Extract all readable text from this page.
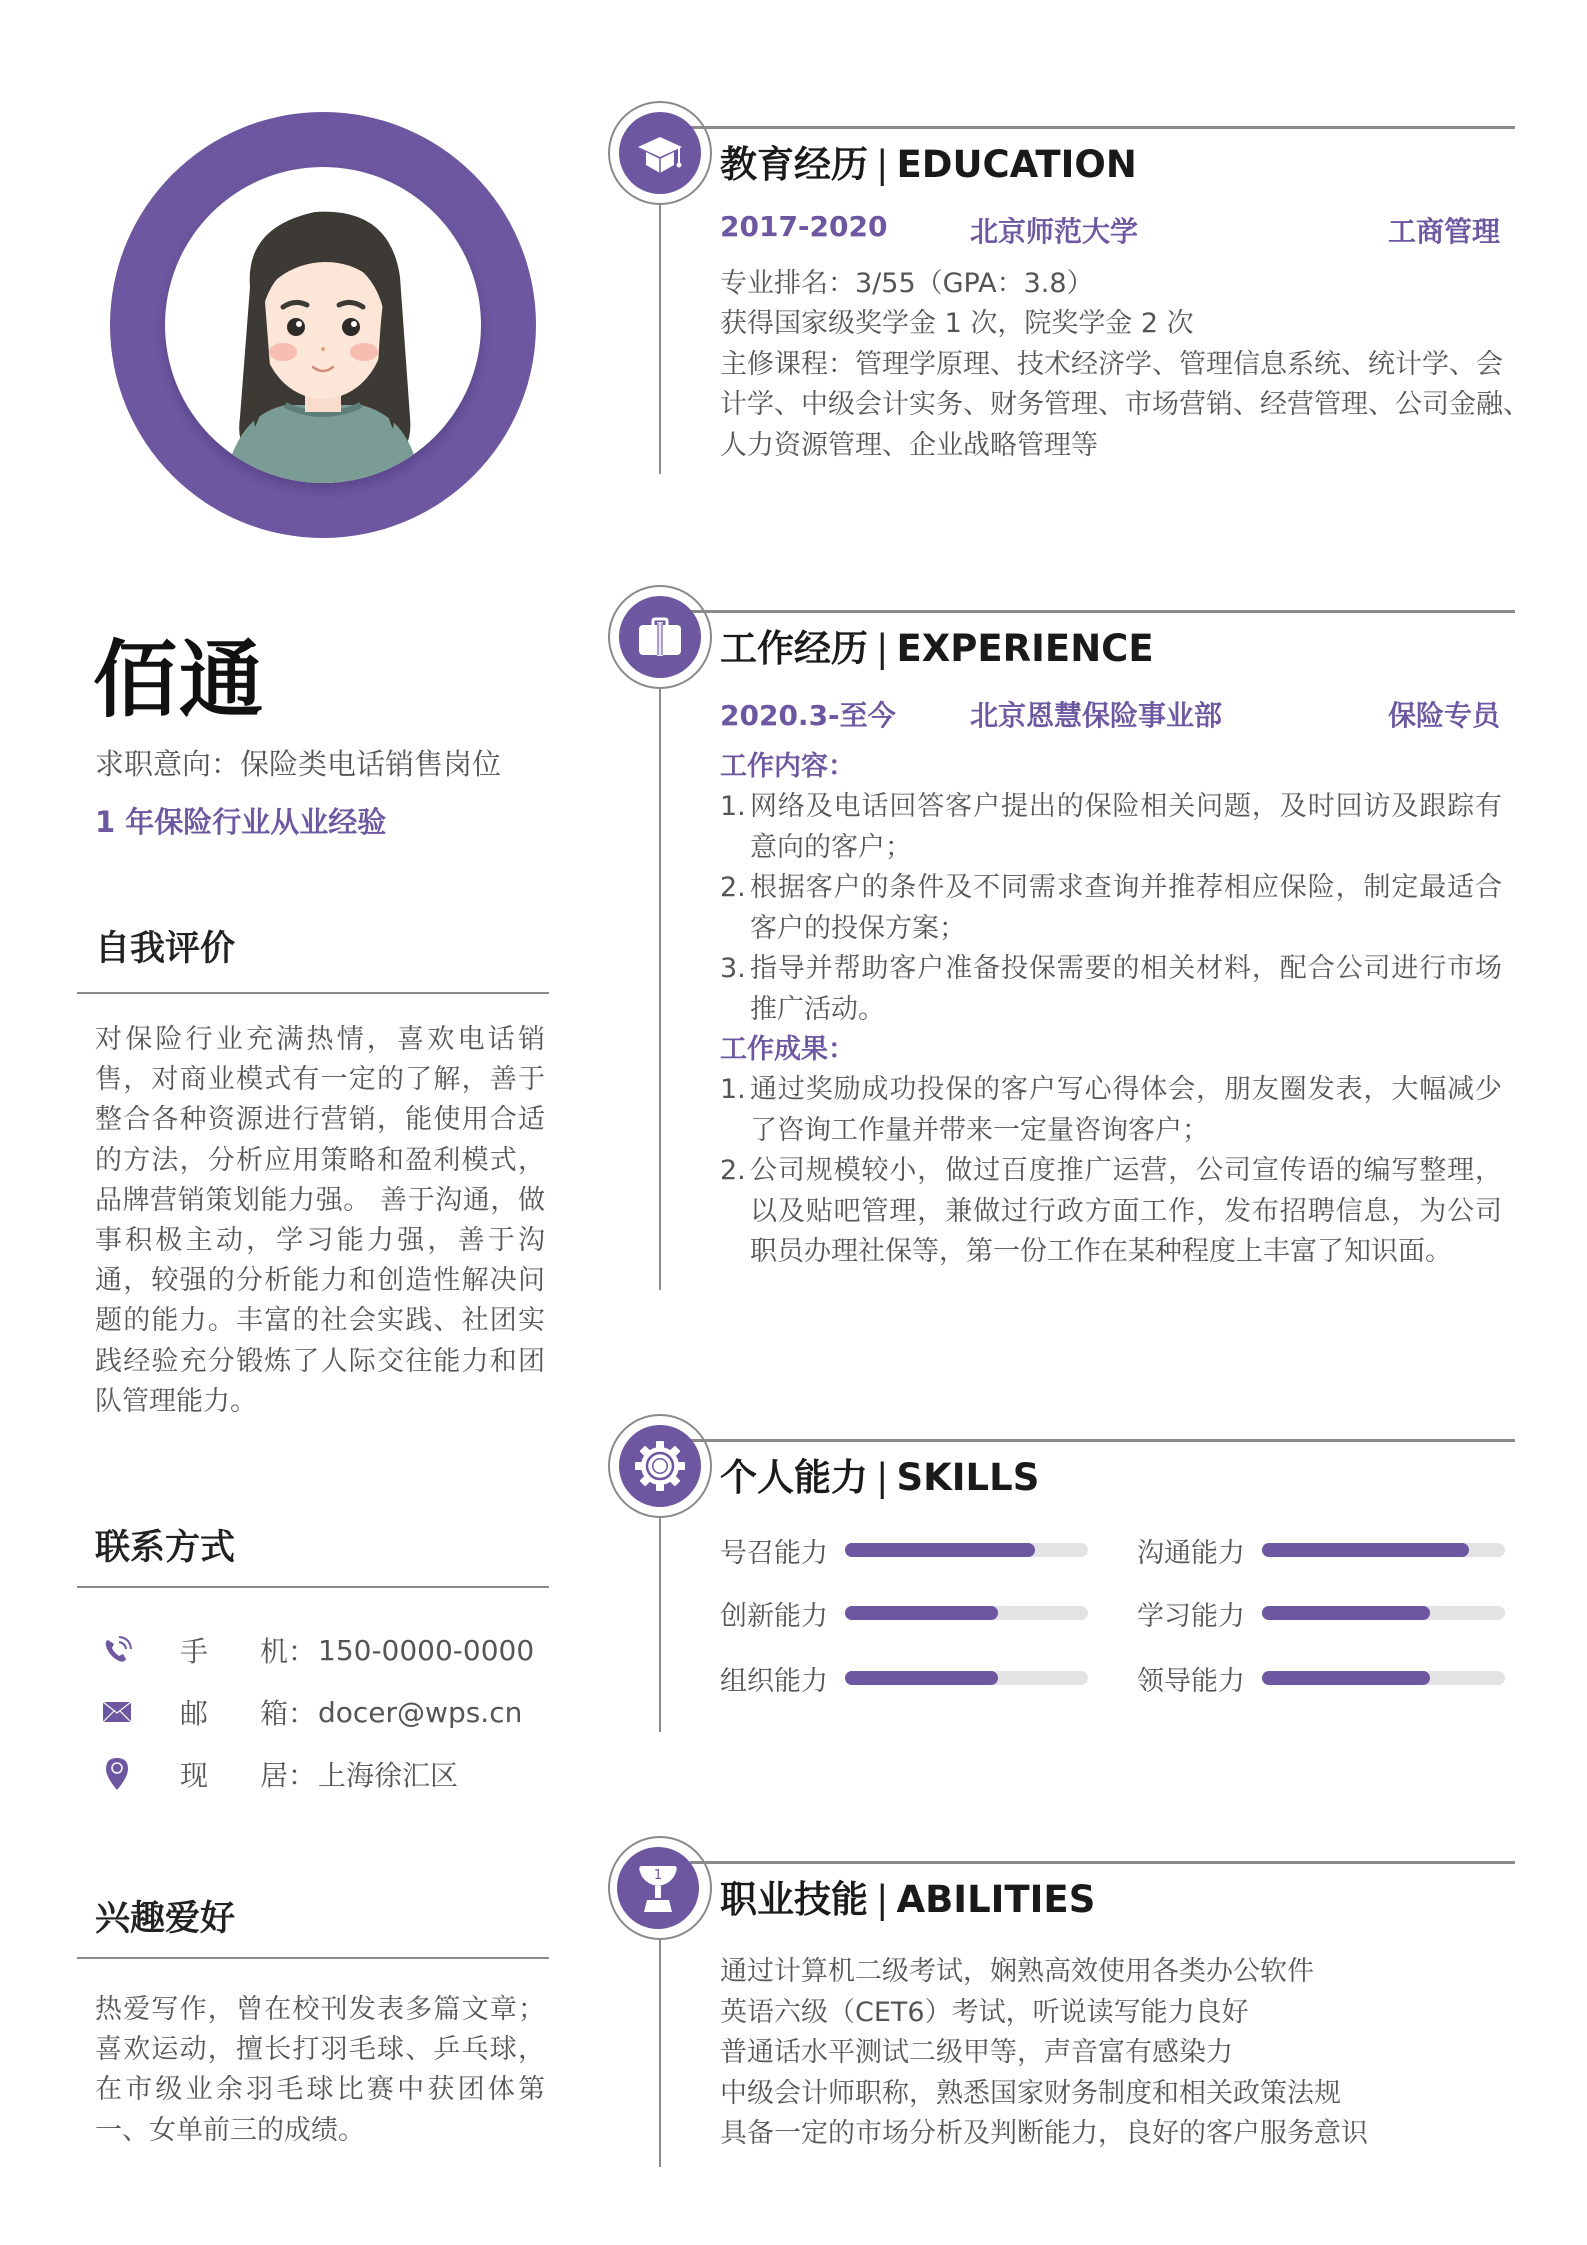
佰通
求职意向：保险类电话销售岗位
1 年保险行业从业经验
自我评价
对保险行业充满热情，喜欢电话销售，对商业模式有一定的了解，善于整合各种资源进行营销，能使用合适的方法，分析应用策略和盈利模式，品牌营销策划能力强。 善于沟通，做事积极主动，学习能力强，善于沟通，较强的分析能力和创造性解决问题的能力。丰富的社会实践、社团实践经验充分锻炼了人际交往能力和团队管理能力。
联系方式
手	机： 150-0000-0000
邮	箱： docer@wps.cn
现	居： 上海徐汇区
兴趣爱好
热爱写作，曾在校刊发表多篇文章；喜欢运动，擅长打羽毛球、乒乓球，在市级业余羽毛球比赛中获团体第一、女单前三的成绩。
教育经历 | EDUCATION
2017-2020	北京师范大学	工商管理
专业排名：3/55（GPA：3.8）
获得国家级奖学金 1 次，院奖学金 2 次
主修课程：管理学原理、技术经济学、管理信息系统、统计学、会
计学、中级会计实务、财务管理、市场营销、经营管理、公司金融、
人力资源管理、企业战略管理等
工作经历 | EXPERIENCE
2020.3-至今	北京恩慧保险事业部	保险专员
工作内容：
1. 网络及电话回答客户提出的保险相关问题，及时回访及跟踪有意向的客户；
2. 根据客户的条件及不同需求查询并推荐相应保险，制定最适合客户的投保方案；
3. 指导并帮助客户准备投保需要的相关材料，配合公司进行市场推广活动。
工作成果：
1. 通过奖励成功投保的客户写心得体会，朋友圈发表，大幅减少了咨询工作量并带来一定量咨询客户；
2. 公司规模较小，做过百度推广运营，公司宣传语的编写整理，以及贴吧管理，兼做过行政方面工作，发布招聘信息，为公司职员办理社保等，第一份工作在某种程度上丰富了知识面。
个人能力 | SKILLS
号召能力	沟通能力
创新能力	学习能力
组织能力	领导能力
1
职业技能 | ABILITIES
通过计算机二级考试，娴熟高效使用各类办公软件
英语六级（CET6）考试，听说读写能力良好
普通话水平测试二级甲等，声音富有感染力
中级会计师职称，熟悉国家财务制度和相关政策法规
具备一定的市场分析及判断能力，良好的客户服务意识
